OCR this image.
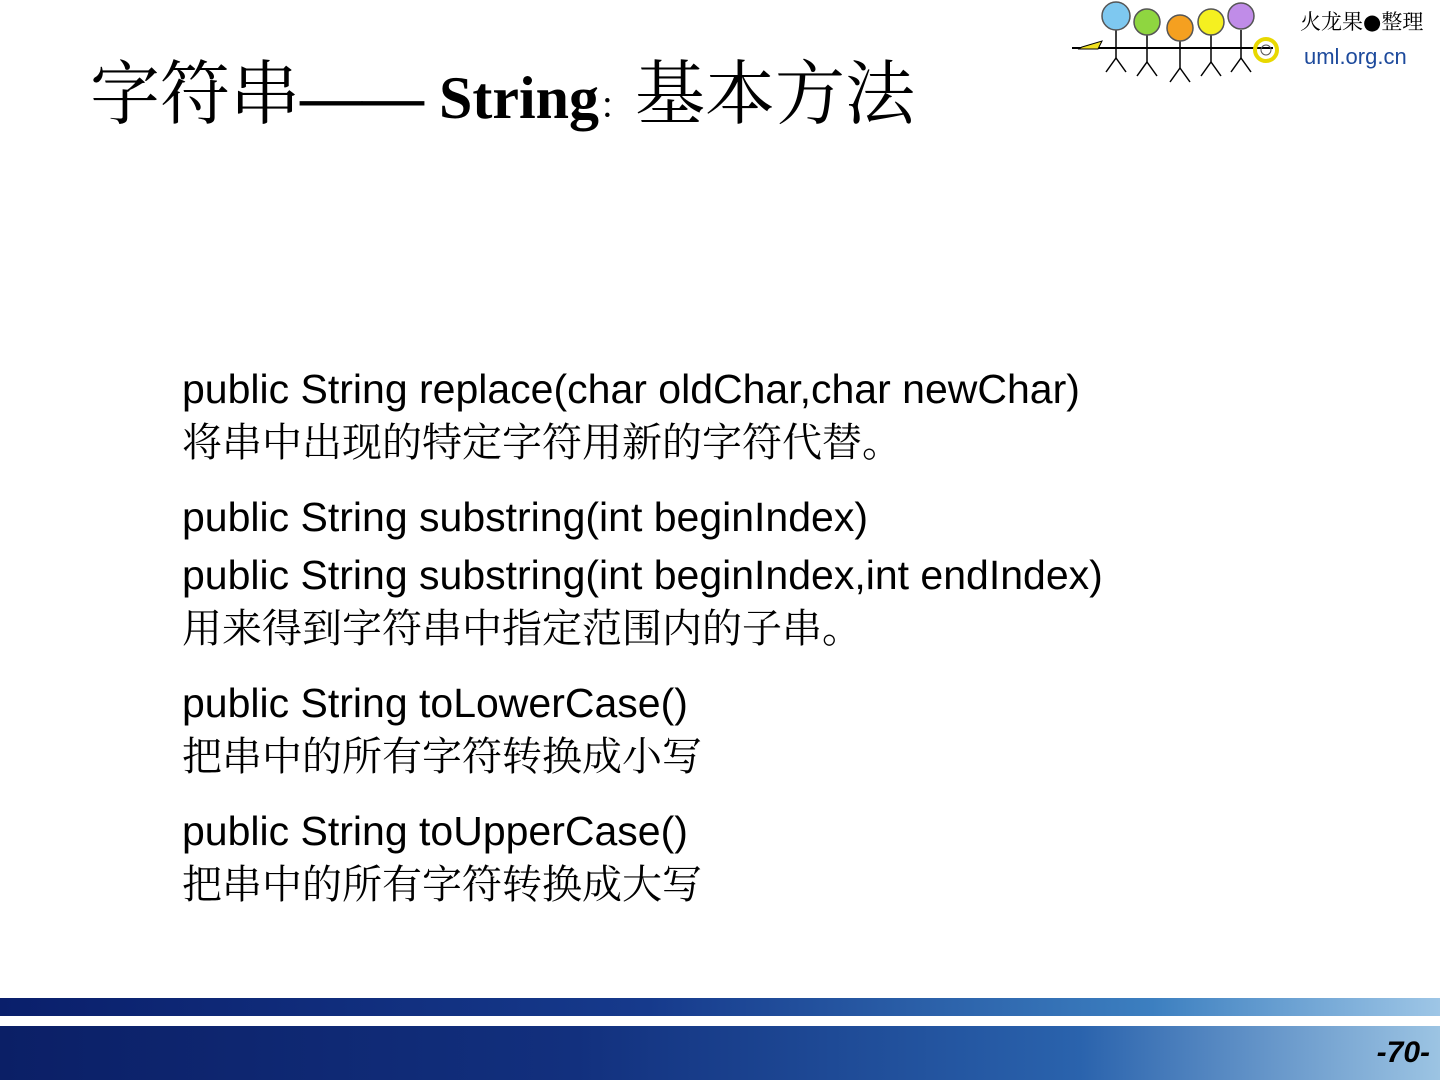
字符串—— String：基本方法
火龙果●整理
uml.org.cn
public String replace(char oldChar,char newChar)
将串中出现的特定字符用新的字符代替。
public String substring(int beginIndex)
public String substring(int beginIndex,int endIndex)
用来得到字符串中指定范围内的子串。
public String toLowerCase()
把串中的所有字符转换成小写
public String toUpperCase()
把串中的所有字符转换成大写
-70-
